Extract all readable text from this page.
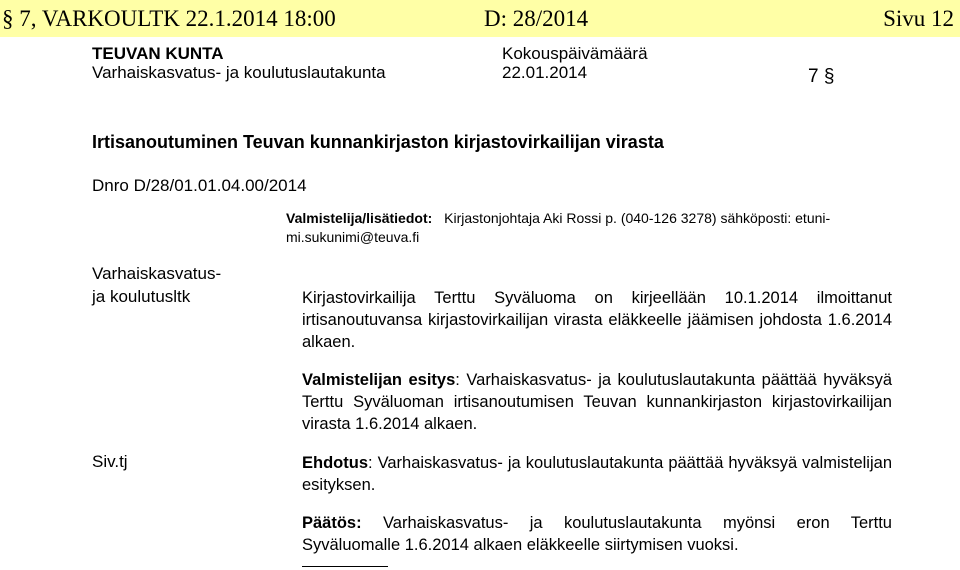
§ 7, VARKOULTK 22.1.2014 18:00	D: 28/2014	Sivu 12
TEUVAN KUNTA
Varhaiskasvatus- ja koulutuslautakunta
Kokouspäivämäärä
22.01.2014	7 §
Irtisanoutuminen Teuvan kunnankirjaston kirjastovirkailijan virasta
Dnro D/28/01.01.04.00/2014
Valmistelija/lisätiedot: Kirjastonjohtaja Aki Rossi p. (040-126 3278) sähköposti: etuni-
mi.sukunimi@teuva.fi
Varhaiskasvatus-
ja koulutusltk	Kirjastovirkailija Terttu Syväluoma on kirjeellään 10.1.2014 ilmoittanut irtisanoutuvansa kirjastovirkailijan virasta eläkkeelle jäämisen johdosta 1.6.2014 alkaen.
Valmistelijan esitys: Varhaiskasvatus- ja koulutuslautakunta päättää hyväksyä Terttu Syväluoman irtisanoutumisen Teuvan kunnankirjaston kirjastovirkailijan virasta 1.6.2014 alkaen.
Siv.tj	Ehdotus: Varhaiskasvatus- ja koulutuslautakunta päättää hyväksyä valmistelijan esityksen.
Päätös: Varhaiskasvatus- ja koulutuslautakunta myönsi eron Terttu Syväluomalle 1.6.2014 alkaen eläkkeelle siirtymisen vuoksi.
